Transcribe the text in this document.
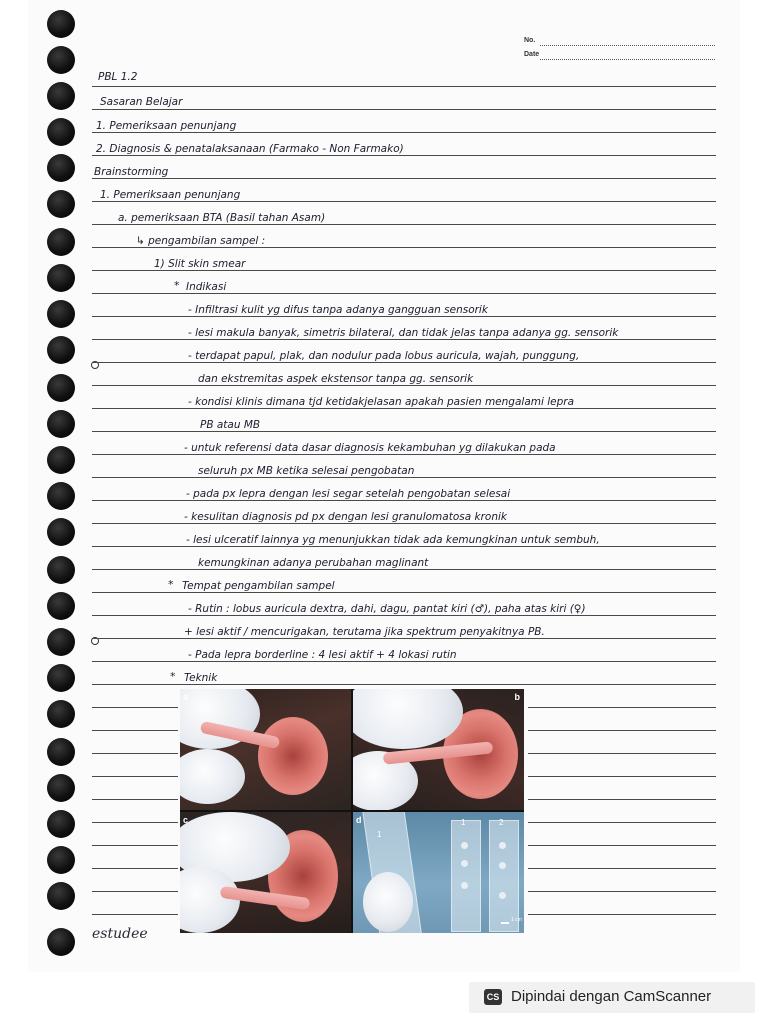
No.
Date
PBL 1.2
Sasaran Belajar
1. Pemeriksaan penunjang
2. Diagnosis & penatalaksanaan (Farmako - Non Farmako)
Brainstorming
1. Pemeriksaan penunjang
a. pemeriksaan BTA (Basil tahan Asam)
↳ pengambilan sampel :
1) Slit skin smear
* Indikasi
- Infiltrasi kulit yg difus tanpa adanya gangguan sensorik
- lesi makula banyak, simetris bilateral, dan tidak jelas tanpa adanya gg. sensorik
- terdapat papul, plak, dan nodulur pada lobus auricula, wajah, punggung,
dan ekstremitas aspek ekstensor tanpa gg. sensorik
- kondisi klinis dimana tjd ketidakjelasan apakah pasien mengalami lepra
PB atau MB
- untuk referensi data dasar diagnosis kekambuhan yg dilakukan pada
seluruh px MB ketika selesai pengobatan
- pada px lepra dengan lesi segar setelah pengobatan selesai
- kesulitan diagnosis pd px dengan lesi granulomatosa kronik
- lesi ulceratif lainnya yg menunjukkan tidak ada kemungkinan untuk sembuh,
kemungkinan adanya perubahan maglinant
* Tempat pengambilan sampel
- Rutin : lobus auricula dextra, dahi, dagu, pantat kiri (♂), paha atas kiri (♀)
+ lesi aktif / mencurigakan, terutama jika spektrum penyakitnya PB.
- Pada lepra borderline : 4 lesi aktif + 4 lokasi rutin
* Teknik
a	b
c
1
1	2
1 cm
d
estudee
CS Dipindai dengan CamScanner
